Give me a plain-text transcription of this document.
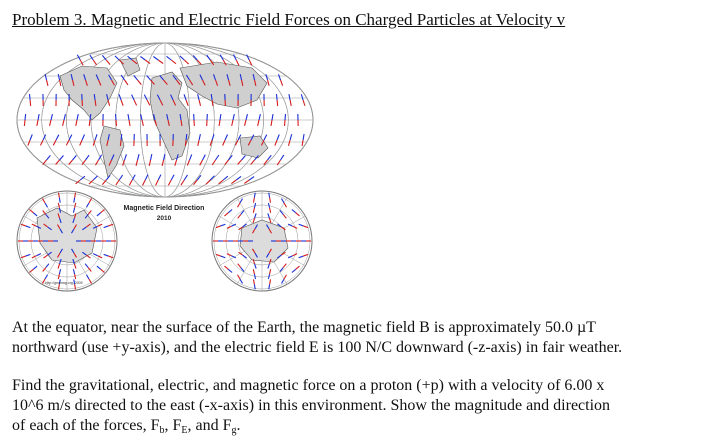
Problem 3. Magnetic and Electric Field Forces on Charged Particles at Velocity v
Magnetic Field Direction
2010
http://geomag.org, 2005
At the equator, near the surface of the Earth, the magnetic field B is approximately 50.0 µT
northward (use +y-axis), and the electric field E is 100 N/C downward (-z-axis) in fair weather.
Find the gravitational, electric, and magnetic force on a proton (+p) with a velocity of 6.00 x
10^6 m/s directed to the east (-x-axis) in this environment. Show the magnitude and direction
of each of the forces, $F_b$, $F_E$, and $F_g$.
